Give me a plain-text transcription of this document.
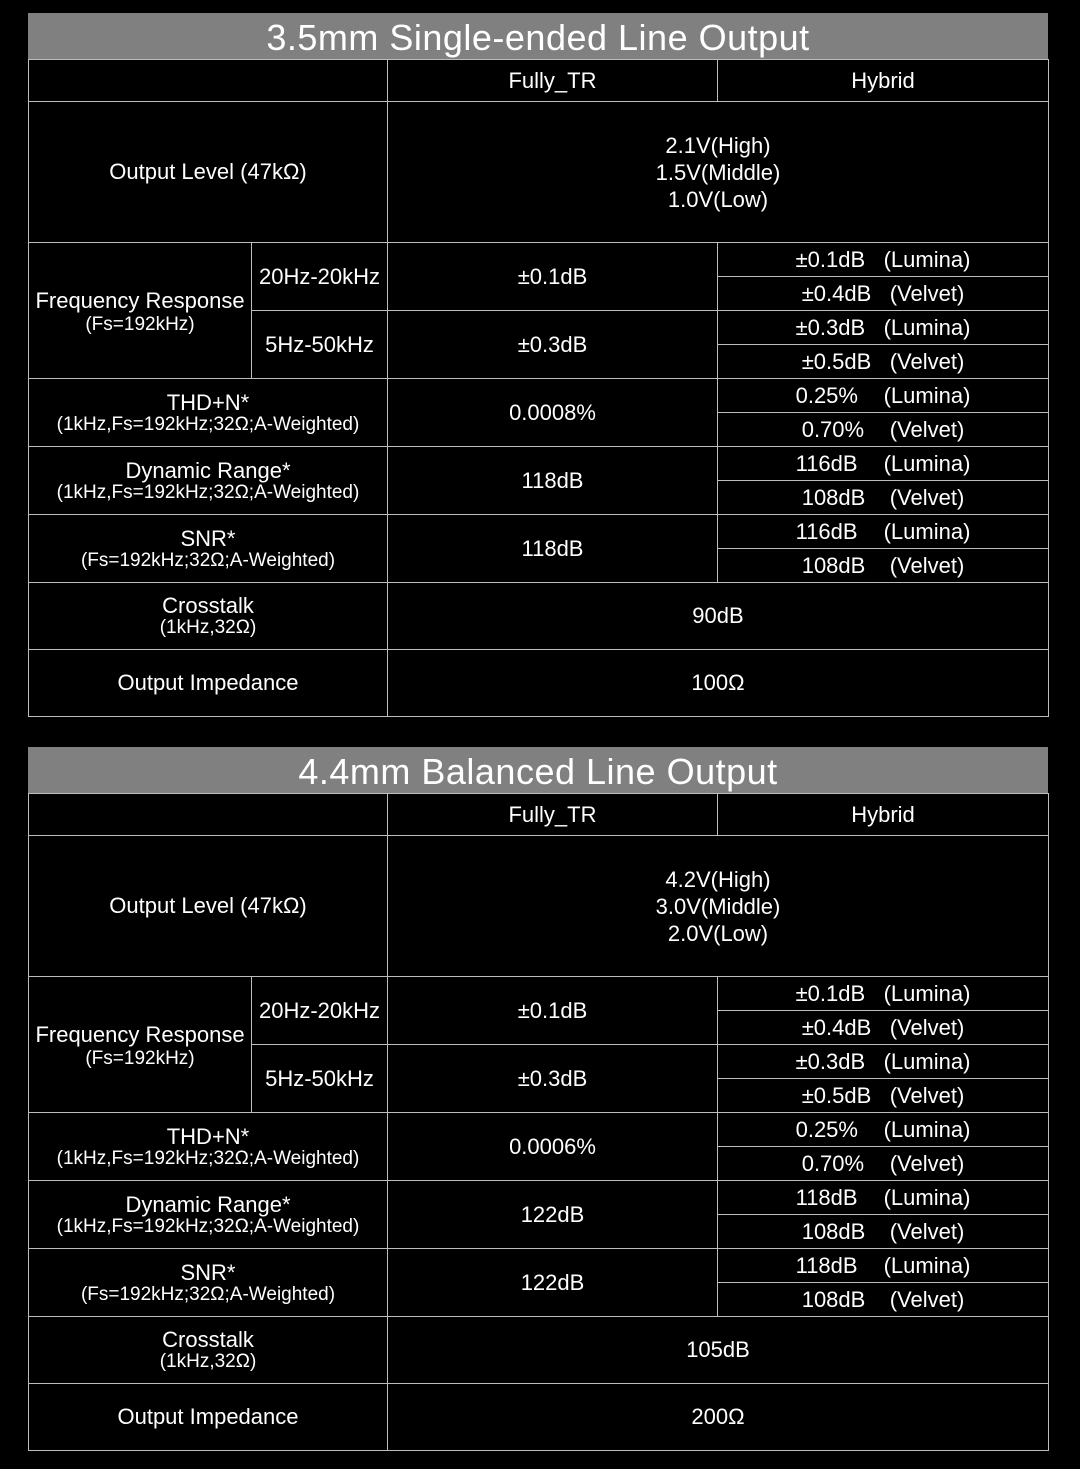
3.5mm Single-ended Line Output
		Fully_TR	Hybrid
Output Level (47kΩ)		2.1V(High)
1.5V(Middle)
1.0V(Low)	

Frequency Response
(Fs=192kHz)	20Hz-20kHz	±0.1dB	±0.1dB (Lumina)
			±0.4dB (Velvet)
	5Hz-50kHz	±0.3dB	±0.3dB (Lumina)
			±0.5dB (Velvet)

THD+N*
(1kHz,Fs=192kHz;32Ω;A-Weighted)		0.0008%	0.25% (Lumina)
			0.70% (Velvet)

Dynamic Range*
(1kHz,Fs=192kHz;32Ω;A-Weighted)		118dB	116dB (Lumina)
			108dB (Velvet)

SNR*
(Fs=192kHz;32Ω;A-Weighted)		118dB	116dB (Lumina)
			108dB (Velvet)

Crosstalk
(1kHz,32Ω)		90dB	
Output Impedance		100Ω	
4.4mm Balanced Line Output
		Fully_TR	Hybrid
Output Level (47kΩ)		4.2V(High)
3.0V(Middle)
2.0V(Low)	

Frequency Response
(Fs=192kHz)	20Hz-20kHz	±0.1dB	±0.1dB (Lumina)
			±0.4dB (Velvet)
	5Hz-50kHz	±0.3dB	±0.3dB (Lumina)
			±0.5dB (Velvet)

THD+N*
(1kHz,Fs=192kHz;32Ω;A-Weighted)		0.0006%	0.25% (Lumina)
			0.70% (Velvet)

Dynamic Range*
(1kHz,Fs=192kHz;32Ω;A-Weighted)		122dB	118dB (Lumina)
			108dB (Velvet)

SNR*
(Fs=192kHz;32Ω;A-Weighted)		122dB	118dB (Lumina)
			108dB (Velvet)

Crosstalk
(1kHz,32Ω)		105dB	
Output Impedance		200Ω	
